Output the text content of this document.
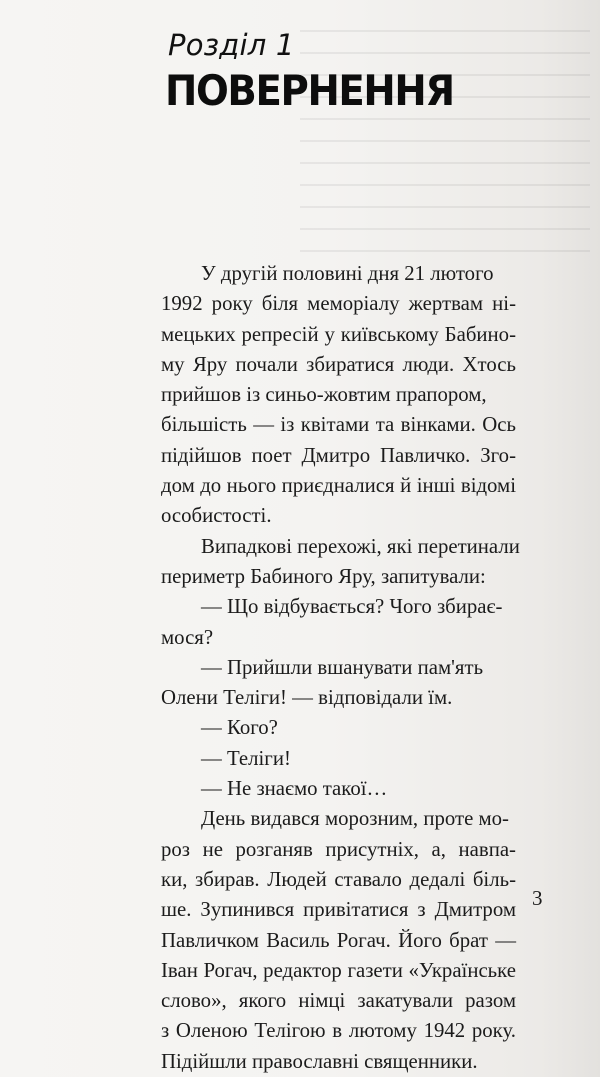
Розділ 1
ПОВЕРНЕННЯ
У другій половині дня 21 лютого
1992 року біля меморіалу жертвам ні-
мецьких репресій у київському Бабино-
му Яру почали збиратися люди. Хтось
прийшов із синьо-жовтим прапором,
більшість — із квітами та вінками. Ось
підійшов поет Дмитро Павличко. Зго-
дом до нього приєдналися й інші відомі
особистості.
Випадкові перехожі, які перетинали
периметр Бабиного Яру, запитували:
— Що відбувається? Чого збирає-
мося?
— Прийшли вшанувати пам'ять
Олени Теліги! — відповідали їм.
— Кого?
— Теліги!
— Не знаємо такої…
День видався морозним, проте мо-
роз не розганяв присутніх, а, навпа-
ки, збирав. Людей ставало дедалі біль-
ше. Зупинився привітатися з Дмитром
Павличком Василь Рогач. Його брат —
Іван Рогач, редактор газети «Українське
слово», якого німці закатували разом
з Оленою Телігою в лютому 1942 року.
Підійшли православні священники.
3
